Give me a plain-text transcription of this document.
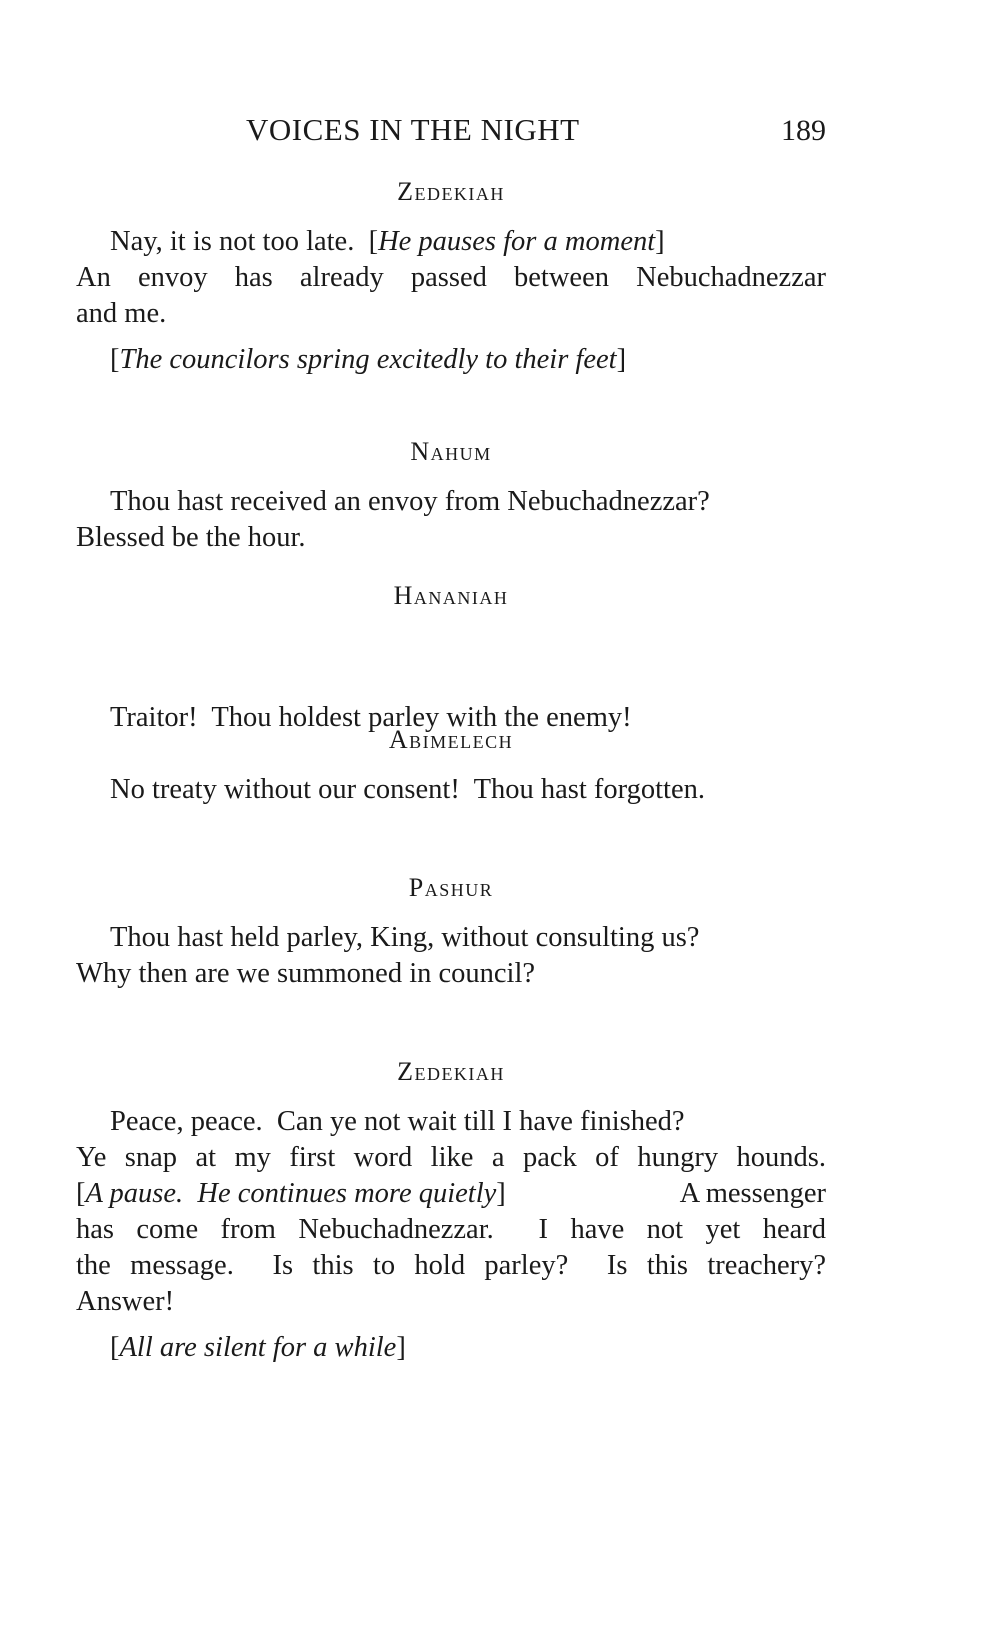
VOICES IN THE NIGHT	189
Zedekiah

Nay, it is not too late. [He pauses for a moment]
An envoy has already passed between Nebuchadnezzar
and me.

[The councilors spring excitedly to their feet]

Nahum

Thou hast received an envoy from Nebuchadnezzar?
Blessed be the hour.

Hananiah

Traitor!  Thou holdest parley with the enemy!

Abimelech

No treaty without our consent!  Thou hast forgotten.

Pashur

Thou hast held parley, King, without consulting us?
Why then are we summoned in council?

Zedekiah

Peace, peace.  Can ye not wait till I have finished?
Ye snap at my first word like a pack of hungry hounds.
[A pause.  He continues more quietly]	A messenger
has come from Nebuchadnezzar.  I have not yet heard
the message.  Is this to hold parley?  Is this treachery?
Answer!

[All are silent for a while]
